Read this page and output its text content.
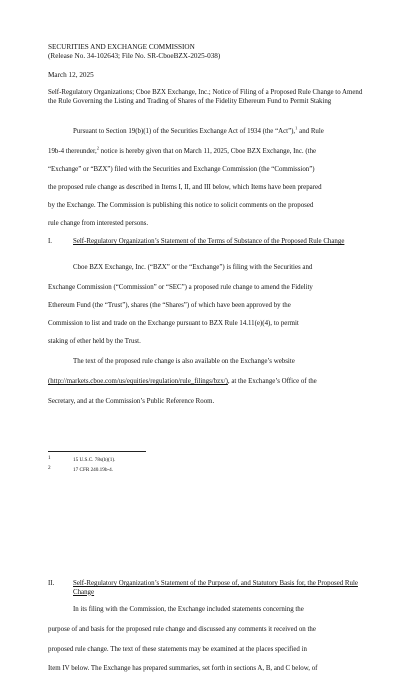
SECURITIES AND EXCHANGE COMMISSION
(Release No. 34-102643; File No. SR-CboeBZX-2025-038)
March 12, 2025
Self-Regulatory Organizations; Cboe BZX Exchange, Inc.; Notice of Filing of a Proposed Rule Change to Amend the Rule Governing the Listing and Trading of Shares of the Fidelity Ethereum Fund to Permit Staking
Pursuant to Section 19(b)(1) of the Securities Exchange Act of 1934 (the “Act”),$^1$ and Rule
19b-4 thereunder,$^2$ notice is hereby given that on March 11, 2025, Cboe BZX Exchange, Inc. (the
“Exchange” or “BZX”) filed with the Securities and Exchange Commission (the “Commission”)
the proposed rule change as described in Items I, II, and III below, which Items have been prepared
by the Exchange. The Commission is publishing this notice to solicit comments on the proposed
rule change from interested persons.
I.	Self-Regulatory Organization’s Statement of the Terms of Substance of the Proposed Rule Change
Cboe BZX Exchange, Inc. (“BZX” or the “Exchange”) is filing with the Securities and
Exchange Commission (“Commission” or “SEC”) a proposed rule change to amend the Fidelity
Ethereum Fund (the “Trust”), shares (the “Shares”) of which have been approved by the
Commission to list and trade on the Exchange pursuant to BZX Rule 14.11(e)(4), to permit
staking of ether held by the Trust.
The text of the proposed rule change is also available on the Exchange’s website
(http://markets.cboe.com/us/equities/regulation/rule_filings/bzx/), at the Exchange’s Office of the
Secretary, and at the Commission’s Public Reference Room.
1	15 U.S.C. 78s(b)(1).
2	17 CFR 240.19b-4.
II.	Self-Regulatory Organization’s Statement of the Purpose of, and Statutory Basis for, the Proposed Rule Change
In its filing with the Commission, the Exchange included statements concerning the
purpose of and basis for the proposed rule change and discussed any comments it received on the
proposed rule change. The text of these statements may be examined at the places specified in
Item IV below. The Exchange has prepared summaries, set forth in sections A, B, and C below, of
